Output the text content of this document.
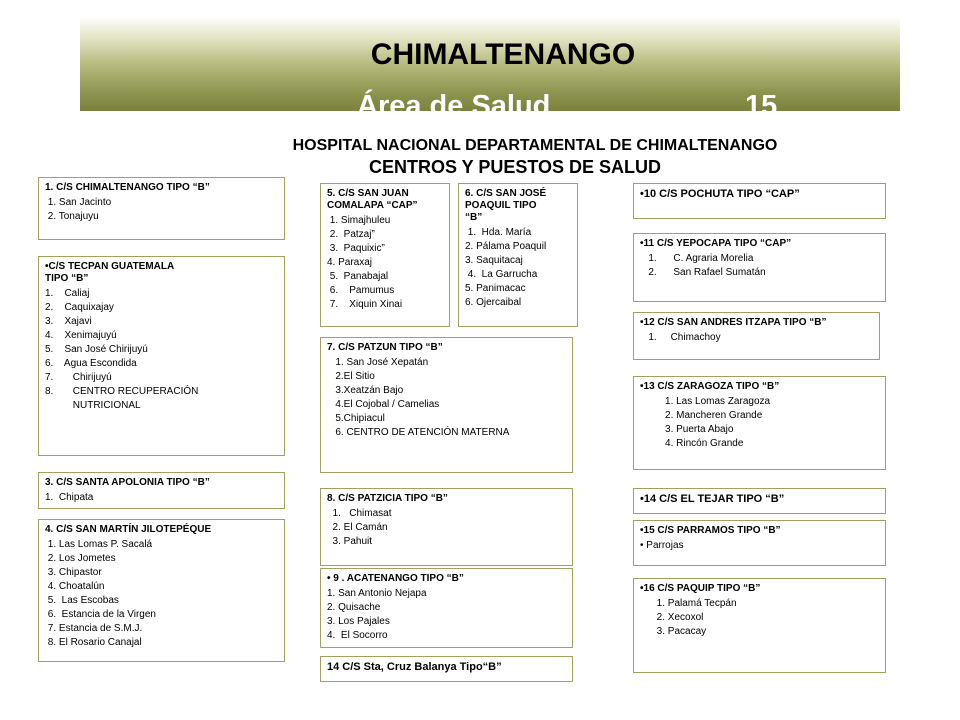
CHIMALTENANGO
Área de Salud	15
HOSPITAL NACIONAL DEPARTAMENTAL DE CHIMALTENANGO
CENTROS Y PUESTOS DE SALUD
1. C/S CHIMALTENANGO TIPO “B”
1. San Jacinto
2. Tonajuyu
•C/S TECPAN GUATEMALA
TIPO “B”
1.    Caliaj
2.    Caquixajay
3.    Xajavi
4.    Xenimajuyú
5.    San José Chirijuyú
6.    Agua Escondida
7.       Chirijuyú
8.       CENTRO RECUPERACIÓN
NUTRICIONAL
3. C/S SANTA APOLONIA TIPO “B”
1.  Chipata
4. C/S SAN MARTÍN JILOTEPÉQUE
1. Las Lomas P. Sacalá
2. Los Jometes
3. Chipastor
4. Choatalún
5.  Las Escobas
6.  Estancia de la Virgen
7. Estancia de S.M.J.
8. El Rosario Canajal
5. C/S SAN JUAN
COMALAPA “CAP”
1. Simajhuleu
2.  Patzaj”
3.  Paquixic”
4. Paraxaj
5.  Panabajal
6.    Pamumus
7.    Xiquin Xinai
6. C/S SAN JOSÉ
POAQUIL TIPO
“B”
1.  Hda. María
2. Pálama Poaquil
3. Saquitacaj
4.  La Garrucha
5. Panimacac
6. Ojercaibal
7. C/S PATZUN TIPO “B”
1. San José Xepatán
2.El Sitio
3.Xeatzán Bajo
4.El Cojobal / Camelias
5.Chipiacul
6. CENTRO DE ATENCIÓN MATERNA
8. C/S PATZICIA TIPO “B”
1.   Chimasat
2. El Camán
3. Pahuit
• 9 . ACATENANGO TIPO “B”
1. San Antonio Nejapa
2. Quisache
3. Los Pajales
4.  El Socorro
14 C/S Sta, Cruz Balanya Tipo“B”
•10 C/S POCHUTA TIPO “CAP”
•11 C/S YEPOCAPA TIPO “CAP”
1.      C. Agraria Morelia
2.      San Rafael Sumatán
•12 C/S SAN ANDRES ITZAPA TIPO “B”
1.     Chimachoy
•13 C/S ZARAGOZA TIPO “B”
1. Las Lomas Zaragoza
2. Mancheren Grande
3. Puerta Abajo
4. Rincón Grande
•14 C/S EL TEJAR TIPO “B”
•15 C/S PARRAMOS TIPO “B”
• Parrojas
•16 C/S PAQUIP TIPO “B”
1. Palamá Tecpán
2. Xecoxol
3. Pacacay
